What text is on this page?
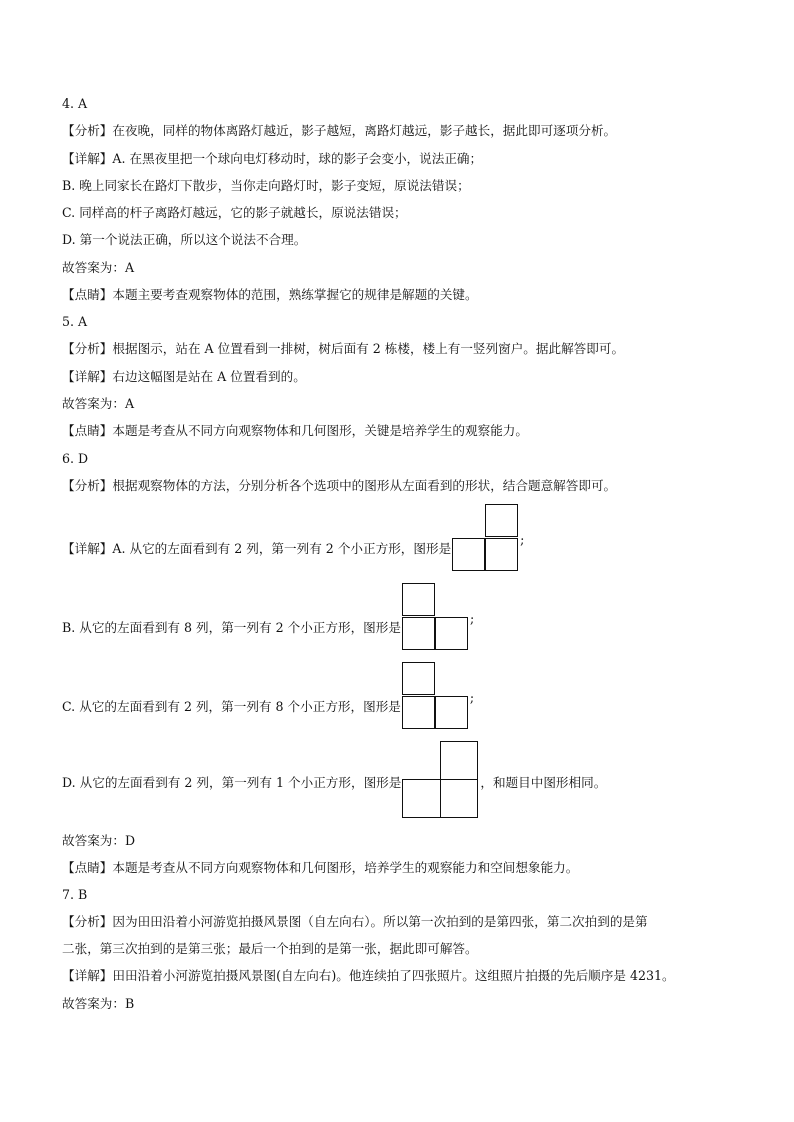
4. A
【分析】在夜晚，同样的物体离路灯越近，影子越短，离路灯越远，影子越长，据此即可逐项分析。
【详解】A. 在黑夜里把一个球向电灯移动时，球的影子会变小，说法正确；
B. 晚上同家长在路灯下散步，当你走向路灯时，影子变短，原说法错误；
C. 同样高的杆子离路灯越远，它的影子就越长，原说法错误；
D. 第一个说法正确，所以这个说法不合理。
故答案为：A
【点睛】本题主要考查观察物体的范围，熟练掌握它的规律是解题的关键。
5. A
【分析】根据图示，站在 A 位置看到一排树，树后面有 2 栋楼，楼上有一竖列窗户。据此解答即可。
【详解】右边这幅图是站在 A 位置看到的。
故答案为：A
【点睛】本题是考查从不同方向观察物体和几何图形，关键是培养学生的观察能力。
6. D
【分析】根据观察物体的方法，分别分析各个选项中的图形从左面看到的形状，结合题意解答即可。
【详解】A. 从它的左面看到有 2 列，第一列有 2 个小正方形，图形是
;
B. 从它的左面看到有 8 列，第一列有 2 个小正方形，图形是
;
C. 从它的左面看到有 2 列，第一列有 8 个小正方形，图形是
;
D. 从它的左面看到有 2 列，第一列有 1 个小正方形，图形是	，和题目中图形相同。
故答案为：D
【点睛】本题是考查从不同方向观察物体和几何图形，培养学生的观察能力和空间想象能力。
7. B
【分析】因为田田沿着小河游览拍摄风景图（自左向右）。所以第一次拍到的是第四张，第二次拍到的是第
二张，第三次拍到的是第三张；最后一个拍到的是第一张，据此即可解答。
【详解】田田沿着小河游览拍摄风景图(自左向右)。他连续拍了四张照片。这组照片拍摄的先后顺序是 4231。
故答案为：B
